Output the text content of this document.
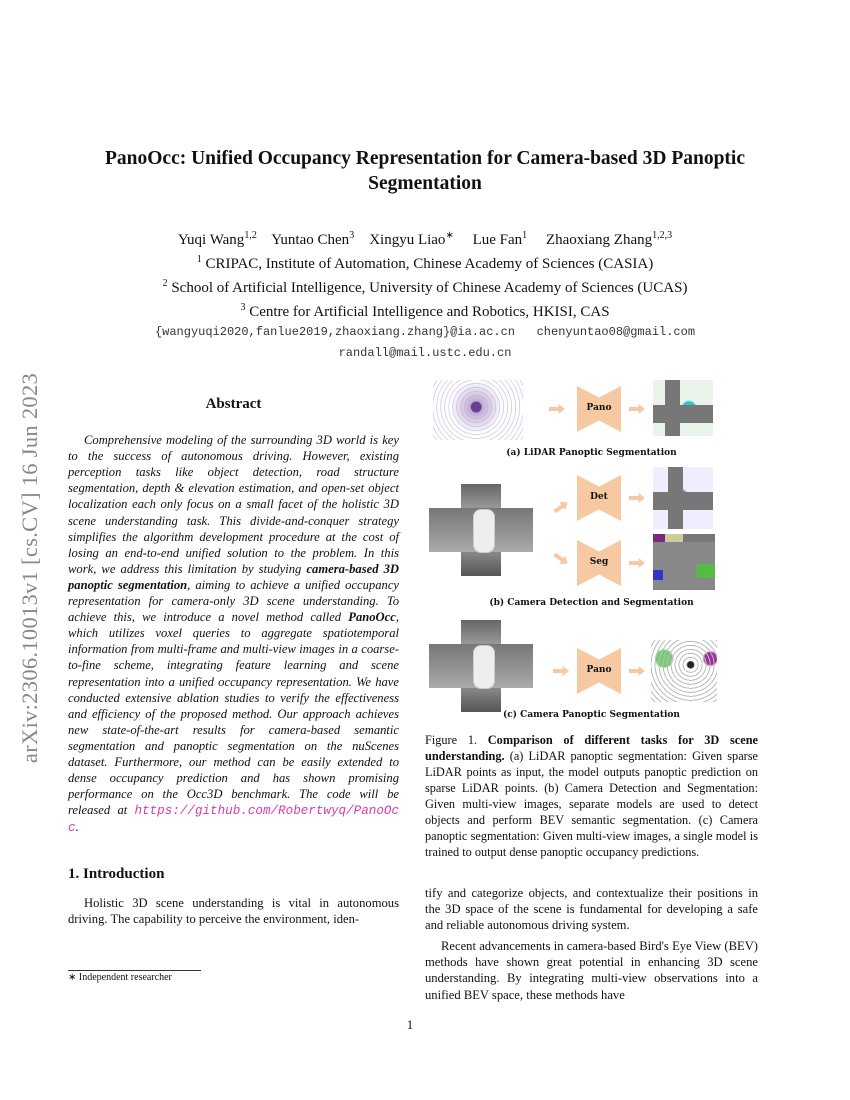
arXiv:2306.10013v1 [cs.CV] 16 Jun 2023
PanoOcc: Unified Occupancy Representation for Camera-based 3D Panoptic Segmentation
Yuqi Wang$^{1,2}$ Yuntao Chen$^3$ Xingyu Liao∗ Lue Fan$^1$ Zhaoxiang Zhang$^{1,2,3}$
$^1$ CRIPAC, Institute of Automation, Chinese Academy of Sciences (CASIA)
$^2$ School of Artificial Intelligence, University of Chinese Academy of Sciences (UCAS)
$^3$ Centre for Artificial Intelligence and Robotics, HKISI, CAS
{wangyuqi2020,fanlue2019,zhaoxiang.zhang}@ia.ac.cn chenyuntao08@gmail.com
randall@mail.ustc.edu.cn
Abstract

Comprehensive modeling of the surrounding 3D world is key to the success of autonomous driving. However, existing perception tasks like object detection, road structure segmentation, depth & elevation estimation, and open-set object localization each only focus on a small facet of the holistic 3D scene understanding task. This divide-and-conquer strategy simplifies the algorithm development procedure at the cost of losing an end-to-end unified solution to the problem. In this work, we address this limitation by studying camera-based 3D panoptic segmentation, aiming to achieve a unified occupancy representation for camera-only 3D scene understanding. To achieve this, we introduce a novel method called PanoOcc, which utilizes voxel queries to aggregate spatiotemporal information from multi-frame and multi-view images in a coarse-to-fine scheme, integrating feature learning and scene representation into a unified occupancy representation. We have conducted extensive ablation studies to verify the effectiveness and efficiency of the proposed method. Our approach achieves new state-of-the-art results for camera-based semantic segmentation and panoptic segmentation on the nuScenes dataset. Furthermore, our method can be easily extended to dense occupancy prediction and has shown promising performance on the Occ3D benchmark. The code will be released at https://github.com/Robertwyq/PanoOcc.

1. Introduction

Holistic 3D scene understanding is vital in autonomous driving. The capability to perceive the environment, iden-

∗ Independent researcher
Pano
(a) LiDAR Panoptic Segmentation
Det
Seg
(b) Camera Detection and Segmentation
Pano
(c) Camera Panoptic Segmentation
Figure 1. Comparison of different tasks for 3D scene understanding. (a) LiDAR panoptic segmentation: Given sparse LiDAR points as input, the model outputs panoptic prediction on sparse LiDAR points. (b) Camera Detection and Segmentation: Given multi-view images, separate models are used to detect objects and perform BEV semantic segmentation. (c) Camera panoptic segmentation: Given multi-view images, a single model is trained to output dense panoptic occupancy predictions.

tify and categorize objects, and contextualize their positions in the 3D space of the scene is fundamental for developing a safe and reliable autonomous driving system.

Recent advancements in camera-based Bird's Eye View (BEV) methods have shown great potential in enhancing 3D scene understanding. By integrating multi-view observations into a unified BEV space, these methods have

1
